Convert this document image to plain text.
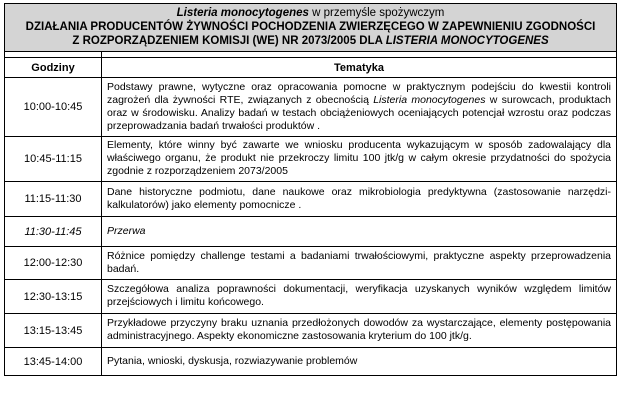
Listeria monocytogenes w przemyśle spożywczym
DZIAŁANIA PRODUCENTÓW ŻYWNOŚCI POCHODZENIA ZWIERZĘCEGO W ZAPEWNIENIU ZGODNOŚCI Z ROZPORZĄDZENIEM KOMISJI (WE) NR 2073/2005 DLA LISTERIA MONOCYTOGENES	

Godziny	Tematyka
10:00-10:45	Podstawy prawne, wytyczne oraz opracowania pomocne w praktycznym podejściu do kwestii kontroli zagrożeń dla żywności RTE, związanych z obecnością Listeria monocytogenes w surowcach, produktach oraz w środowisku. Analizy badań w testach obciążeniowych oceniających potencjał wzrostu oraz podczas przeprowadzania badań trwałości produktów .
10:45-11:15	Elementy, które winny być zawarte we wniosku producenta wykazującym w sposób zadowalający dla właściwego organu, że produkt nie przekroczy limitu 100 jtk/g w całym okresie przydatności do spożycia zgodnie z rozporządzeniem 2073/2005
11:15-11:30	Dane historyczne podmiotu, dane naukowe oraz mikrobiologia predyktywna (zastosowanie narzędzi- kalkulatorów) jako elementy pomocnicze .
11:30-11:45	Przerwa
12:00-12:30	Różnice pomiędzy challenge testami a badaniami trwałościowymi, praktyczne aspekty przeprowadzenia badań.
12:30-13:15	Szczegółowa analiza poprawności dokumentacji, weryfikacja uzyskanych wyników względem limitów przejściowych i limitu końcowego.
13:15-13:45	Przykładowe przyczyny braku uznania przedłożonych dowodów za wystarczające, elementy postępowania administracyjnego. Aspekty ekonomiczne zastosowania kryterium do 100 jtk/g.
13:45-14:00	Pytania, wnioski, dyskusja, rozwiazywanie problemów
